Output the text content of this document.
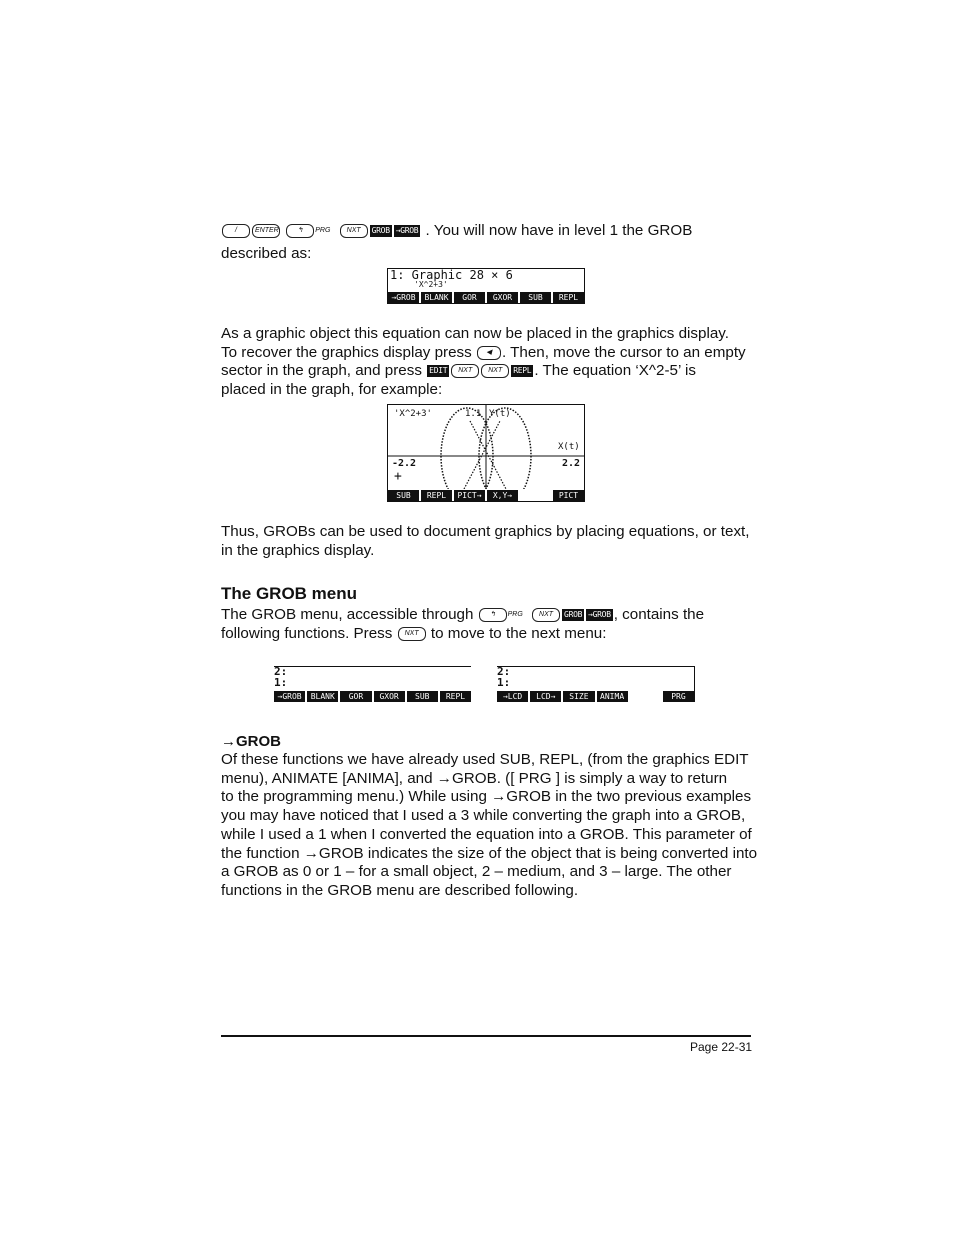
/	ENTER	↰ $^{PRG}$ NXT GROB →GROB . You will now have in level 1 the GROB
described as:
1: Graphic 28 × 6
'X^2+3'
→GROB	BLANK	GOR	GXOR	SUB	REPL
As a graphic object this equation can now be placed in the graphics display.
To recover the graphics display press ◀ . Then, move the cursor to an empty
sector in the graph, and press EDIT NXT NXT REPL . The equation ‘X^2-5’ is
placed in the graph, for example:
'X^2+3'	1.1 Y(t)
X(t)
-2.2	2.2
+
SUB	REPL	PICT→	X,Y→	PICT
Thus, GROBs can be used to document graphics by placing equations, or text,
in the graphics display.
The GROB menu
The GROB menu, accessible through ↰ $^{PRG}$ NXT GROB →GROB , contains the
following functions. Press NXT to move to the next menu:
2:
1:
→GROB	BLANK	GOR	GXOR	SUB	REPL
2:
1:
→LCD	LCD→	SIZE	ANIMA	PRG
→GROB
Of these functions we have already used SUB, REPL, (from the graphics EDIT
menu), ANIMATE [ANIMA], and →GROB. ([ PRG ] is simply a way to return
to the programming menu.) While using →GROB in the two previous examples
you may have noticed that I used a 3 while converting the graph into a GROB,
while I used a 1 when I converted the equation into a GROB. This parameter of
the function →GROB indicates the size of the object that is being converted into
a GROB as 0 or 1 – for a small object, 2 – medium, and 3 – large. The other
functions in the GROB menu are described following.
Page 22-31
